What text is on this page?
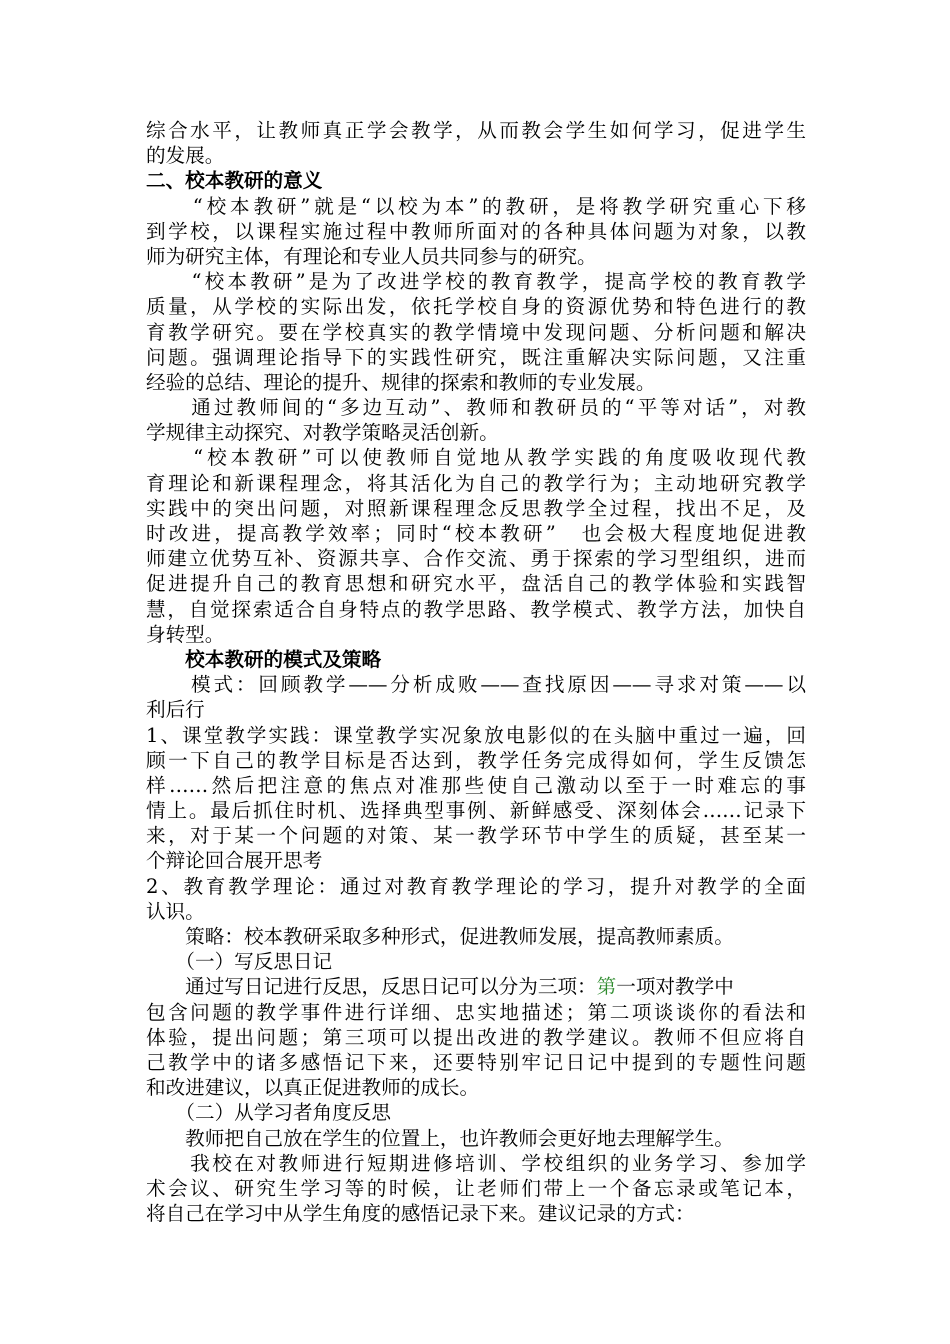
综合水平，让教师真正学会教学，从而教会学生如何学习，促进学生
的发展。
二、校本教研的意义
　　“校本教研”就是“以校为本”的教研，是将教学研究重心下移
到学校，以课程实施过程中教师所面对的各种具体问题为对象，以教
师为研究主体，有理论和专业人员共同参与的研究。
　　“校本教研”是为了改进学校的教育教学，提高学校的教育教学
质量，从学校的实际出发，依托学校自身的资源优势和特色进行的教
育教学研究。要在学校真实的教学情境中发现问题、分析问题和解决
问题。强调理论指导下的实践性研究，既注重解决实际问题，又注重
经验的总结、理论的提升、规律的探索和教师的专业发展。
　　通过教师间的“多边互动”、教师和教研员的“平等对话”，对教
学规律主动探究、对教学策略灵活创新。
　　“校本教研”可以使教师自觉地从教学实践的角度吸收现代教
育理论和新课程理念，将其活化为自己的教学行为；主动地研究教学
实践中的突出问题，对照新课程理念反思教学全过程，找出不足，及
时改进，提高教学效率；同时“校本教研”　也会极大程度地促进教
师建立优势互补、资源共享、合作交流、勇于探索的学习型组织，进而
促进提升自己的教育思想和研究水平，盘活自己的教学体验和实践智
慧，自觉探索适合自身特点的教学思路、教学模式、教学方法，加快自
身转型。
　　校本教研的模式及策略
　　模式：回顾教学——分析成败——查找原因——寻求对策——以
利后行
1、课堂教学实践：课堂教学实况象放电影似的在头脑中重过一遍，回
顾一下自己的教学目标是否达到，教学任务完成得如何，学生反馈怎
样……然后把注意的焦点对准那些使自己激动以至于一时难忘的事
情上。最后抓住时机、选择典型事例、新鲜感受、深刻体会……记录下
来，对于某一个问题的对策、某一教学环节中学生的质疑，甚至某一
个辩论回合展开思考
2、教育教学理论：通过对教育教学理论的学习，提升对教学的全面
认识。
　　策略：校本教研采取多种形式，促进教师发展，提高教师素质。
　　（一）写反思日记
　　通过写日记进行反思，反思日记可以分为三项：第一项对教学中
包含问题的教学事件进行详细、忠实地描述；第二项谈谈你的看法和
体验，提出问题；第三项可以提出改进的教学建议。教师不但应将自
己教学中的诸多感悟记下来，还要特别牢记日记中提到的专题性问题
和改进建议，以真正促进教师的成长。
　　（二）从学习者角度反思
　　教师把自己放在学生的位置上，也许教师会更好地去理解学生。
　　我校在对教师进行短期进修培训、学校组织的业务学习、参加学
术会议、研究生学习等的时候，让老师们带上一个备忘录或笔记本，
将自己在学习中从学生角度的感悟记录下来。建议记录的方式：
